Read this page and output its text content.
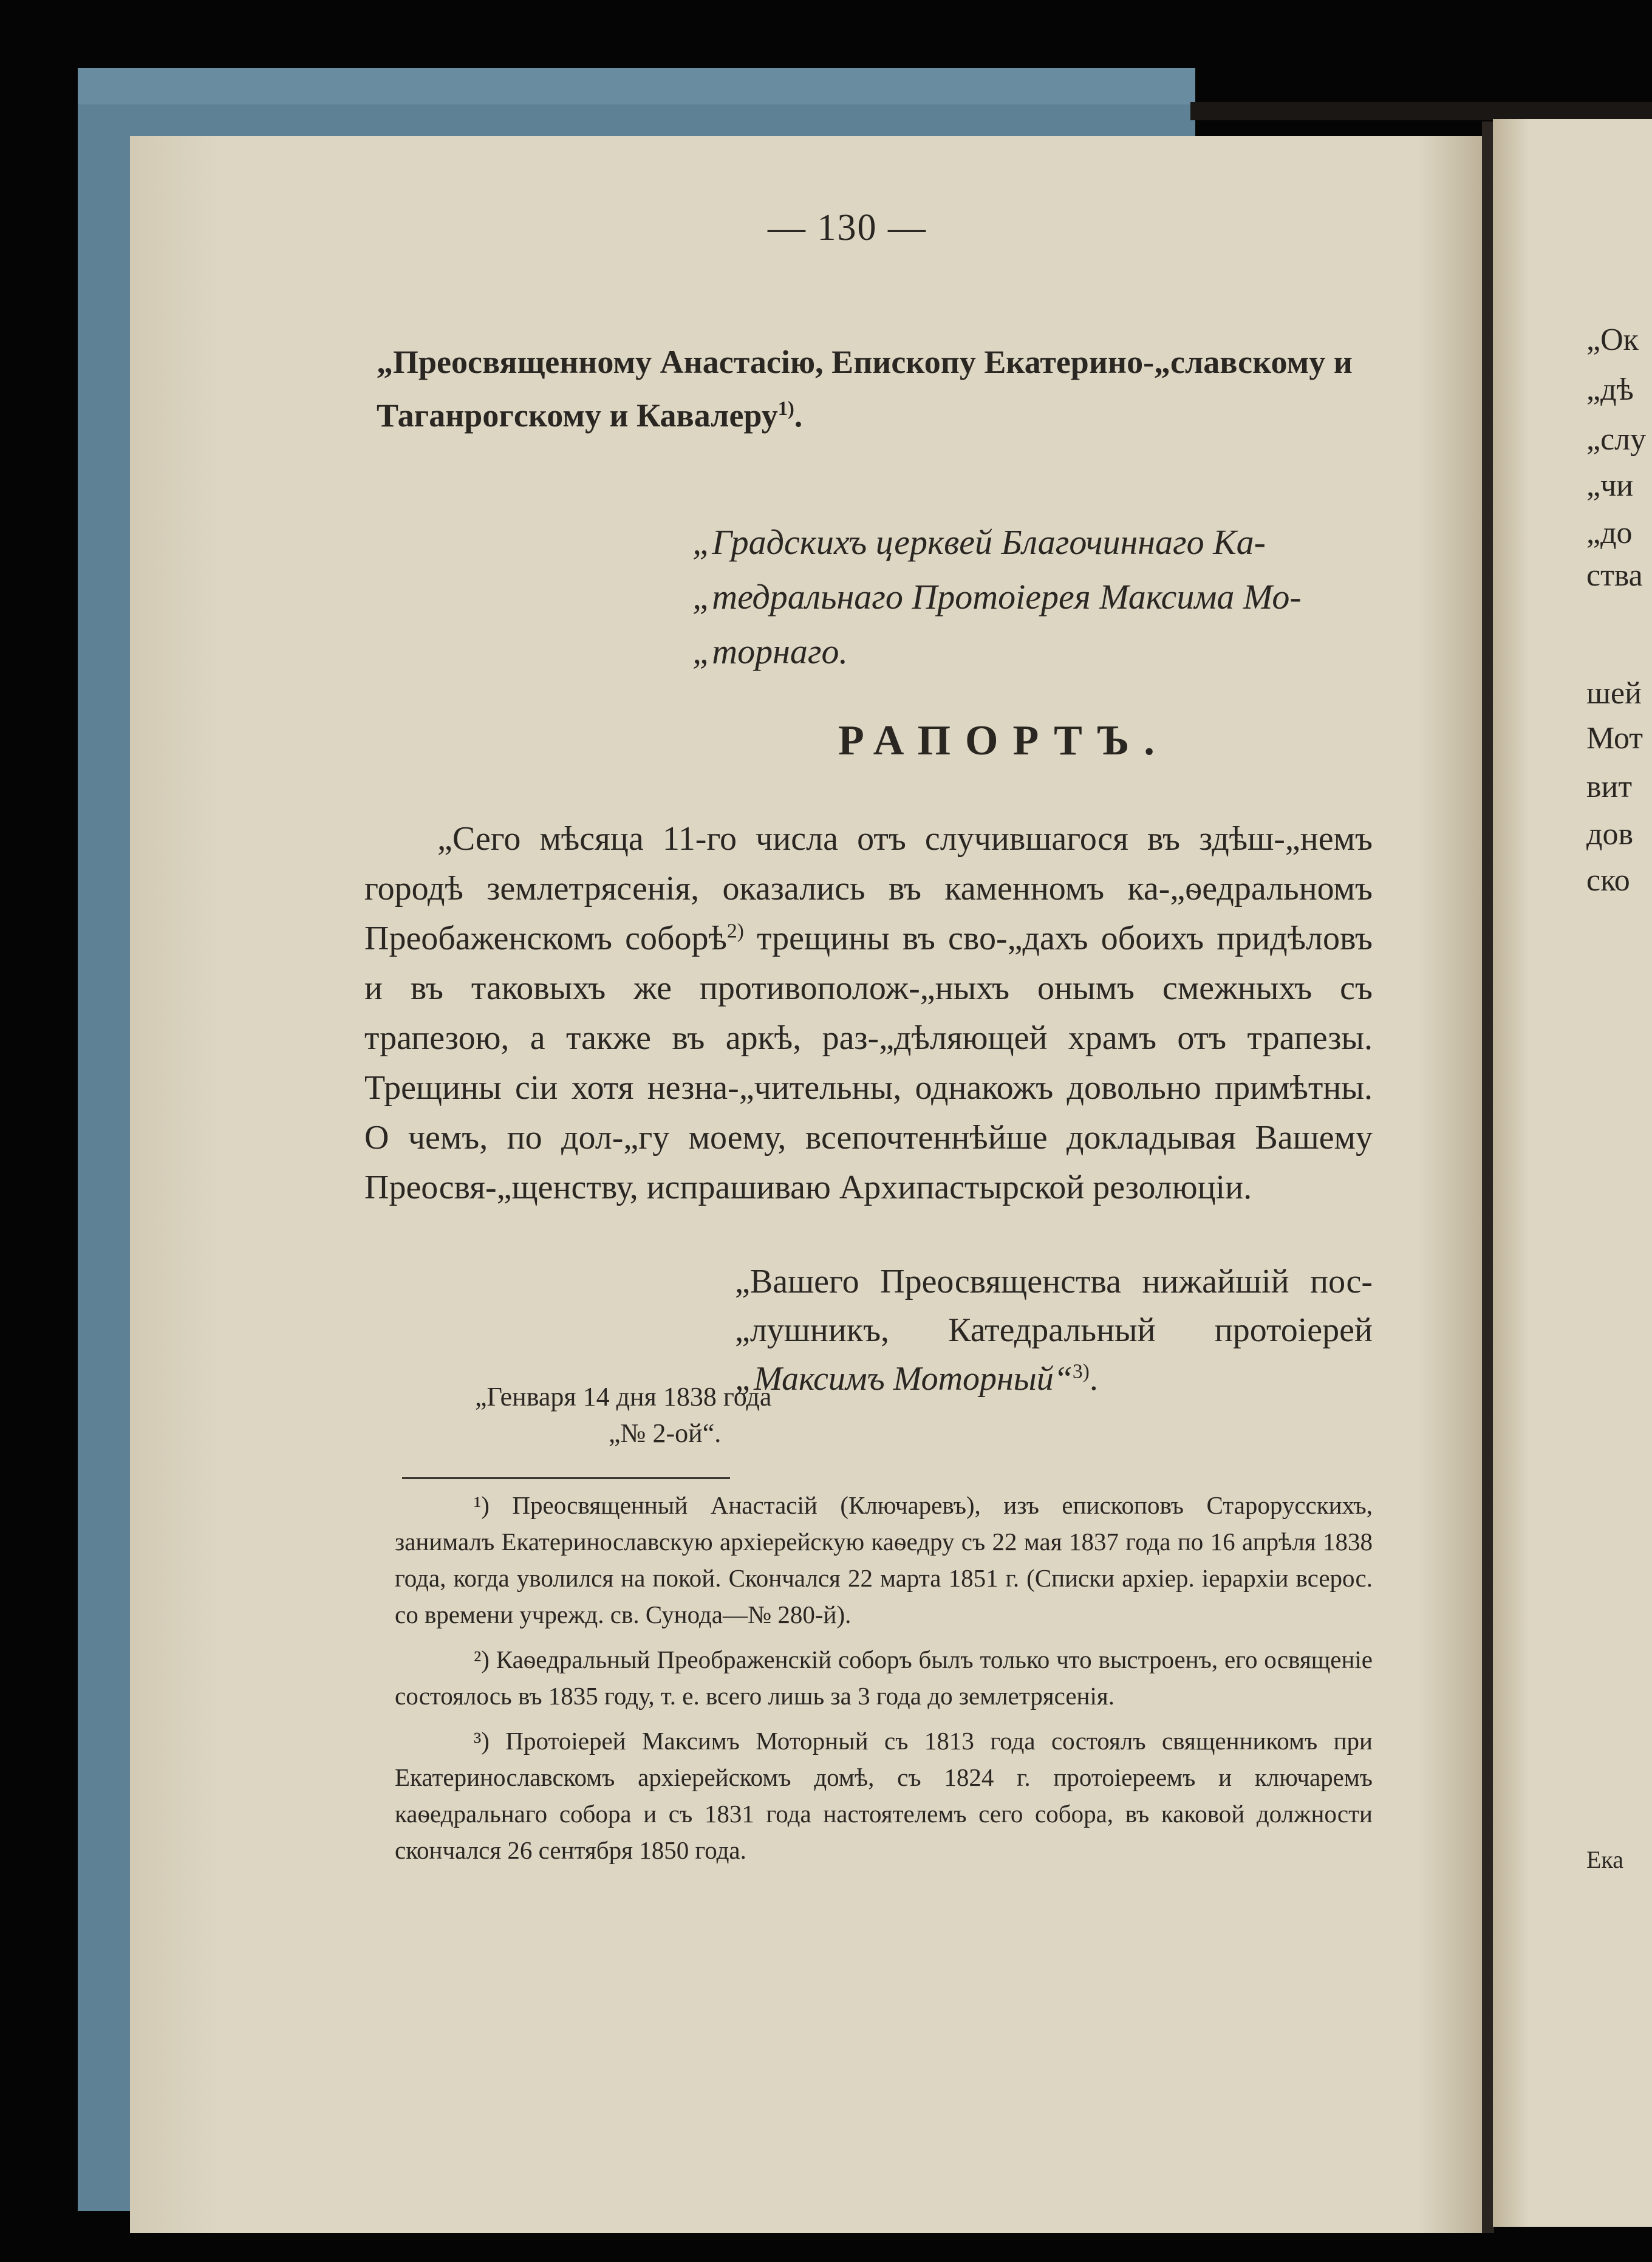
— 130 —
„Преосвященному Анастасію, Епископу Екатерино-„славскому и Таганрогскому и Кавалеру$^{1)}$.
„Градскихъ церквей Благочиннаго Ка-„тедральнаго Протоіерея Максима Мо-„торнаго.
РАПОРТЪ.

„Сего мѣсяца 11-го числа отъ случившагося въ здѣш-„немъ городѣ землетрясенія, оказались въ каменномъ ка-„ѳедральномъ Преобаженскомъ соборѣ$^{2)}$ трещины въ сво-„дахъ обоихъ придѣловъ и въ таковыхъ же противополож-„ныхъ онымъ смежныхъ съ трапезою, а также въ аркѣ, раз-„дѣляющей храмъ отъ трапезы. Трещины сіи хотя незна-„чительны, однакожъ довольно примѣтны. О чемъ, по дол-„гу моему, всепочтеннѣйше докладывая Вашему Преосвя-„щенству, испрашиваю Архипастырской резолюціи.

„Вашего Преосвященства нижайшій пос-„лушникъ, Катедральный протоіерей „Максимъ Моторный“$^{3)}$.
„Генваря 14 дня 1838 года
„№ 2-ой“.

¹) Преосвященный Анастасій (Ключаревъ), изъ епископовъ Старорусскихъ, занималъ Екатеринославскую архіерейскую каѳедру съ 22 мая 1837 года по 16 апрѣля 1838 года, когда уволился на покой. Скончался 22 марта 1851 г. (Списки архіер. іерархіи всерос. со времени учрежд. св. Сунода—№ 280-й).

²) Каѳедральный Преображенскій соборъ былъ только что выстроенъ, его освященіе состоялось въ 1835 году, т. е. всего лишь за 3 года до землетрясенія.

³) Протоіерей Максимъ Моторный съ 1813 года состоялъ священникомъ при Екатеринославскомъ архіерейскомъ домѣ, съ 1824 г. протоіереемъ и ключаремъ каѳедральнаго собора и съ 1831 года настоятелемъ сего собора, въ каковой должности скончался 26 сентября 1850 года.

„Ок
„дѣ
„слу
„чи
„до
ства
шей
Мот
вит
дов
ско
Ека
